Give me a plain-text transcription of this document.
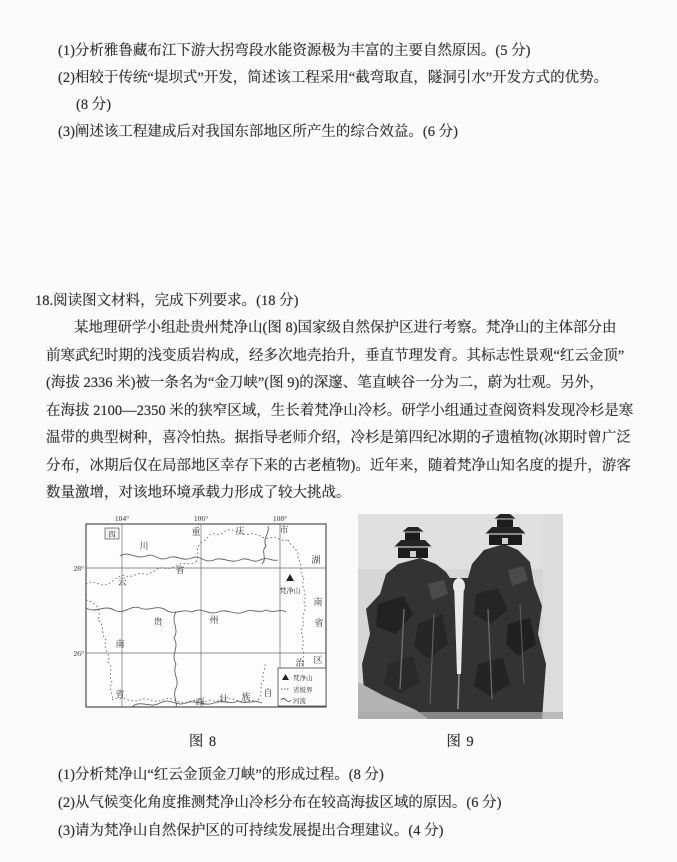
(1)分析雅鲁藏布江下游大拐弯段水能资源极为丰富的主要自然原因。(5 分)
(2)相较于传统“堤坝式”开发，简述该工程采用“截弯取直，隧洞引水”开发方式的优势。
(8 分)
(3)阐述该工程建成后对我国东部地区所产生的综合效益。(6 分)
18.阅读图文材料，完成下列要求。(18 分)
某地理研学小组赴贵州梵净山(图 8)国家级自然保护区进行考察。梵净山的主体部分由
前寒武纪时期的浅变质岩构成，经多次地壳抬升，垂直节理发育。其标志性景观“红云金顶”
(海拔 2336 米)被一条名为“金刀峡”(图 9)的深邃、笔直峡谷一分为二，蔚为壮观。另外，
在海拔 2100—2350 米的狭窄区域，生长着梵净山冷杉。研学小组通过查阅资料发现冷杉是寒
温带的典型树种，喜冷怕热。据指导老师介绍，冷杉是第四纪冰期的孑遗植物(冰期时曾广泛
分布，冰期后仅在局部地区幸存下来的古老植物)。近年来，随着梵净山知名度的提升，游客
数量激增，对该地环境承载力形成了较大挑战。
104°	106°	108°
28°
26°
四
川
省
重	庆	市
云
南
省
贵	州
湖
南
省
西 壮 族 自
治 区
梵净山
梵净山
省级界
河流
图 8	图 9
(1)分析梵净山“红云金顶金刀峡”的形成过程。(8 分)
(2)从气候变化角度推测梵净山冷杉分布在较高海拔区域的原因。(6 分)
(3)请为梵净山自然保护区的可持续发展提出合理建议。(4 分)
